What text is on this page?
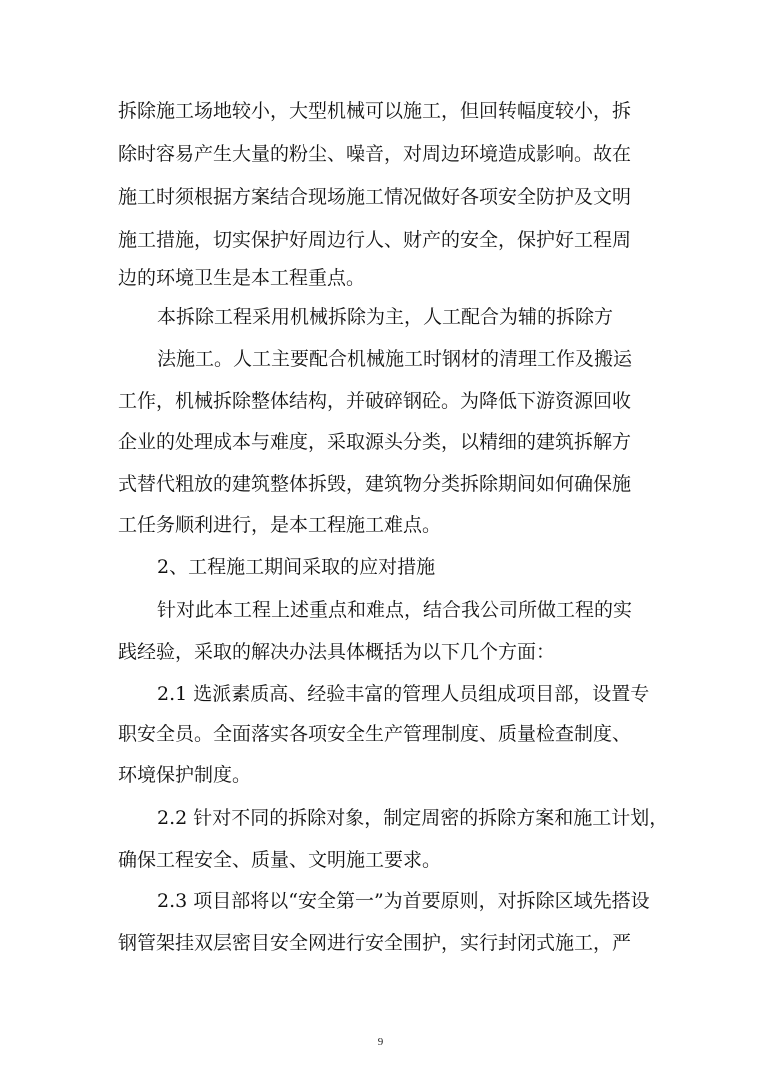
拆除施工场地较小，大型机械可以施工，但回转幅度较小，拆
除时容易产生大量的粉尘、噪音，对周边环境造成影响。故在
施工时须根据方案结合现场施工情况做好各项安全防护及文明
施工措施，切实保护好周边行人、财产的安全，保护好工程周
边的环境卫生是本工程重点。
本拆除工程采用机械拆除为主，人工配合为辅的拆除方
法施工。人工主要配合机械施工时钢材的清理工作及搬运
工作，机械拆除整体结构，并破碎钢砼。为降低下游资源回收
企业的处理成本与难度，采取源头分类，以精细的建筑拆解方
式替代粗放的建筑整体拆毁，建筑物分类拆除期间如何确保施
工任务顺利进行，是本工程施工难点。
2、工程施工期间采取的应对措施
针对此本工程上述重点和难点，结合我公司所做工程的实
践经验，采取的解决办法具体概括为以下几个方面：
2.1 选派素质高、经验丰富的管理人员组成项目部，设置专
职安全员。全面落实各项安全生产管理制度、质量检查制度、
环境保护制度。
2.2 针对不同的拆除对象，制定周密的拆除方案和施工计划，
确保工程安全、质量、文明施工要求。
2.3 项目部将以“安全第一”为首要原则，对拆除区域先搭设
钢管架挂双层密目安全网进行安全围护，实行封闭式施工，严
9
